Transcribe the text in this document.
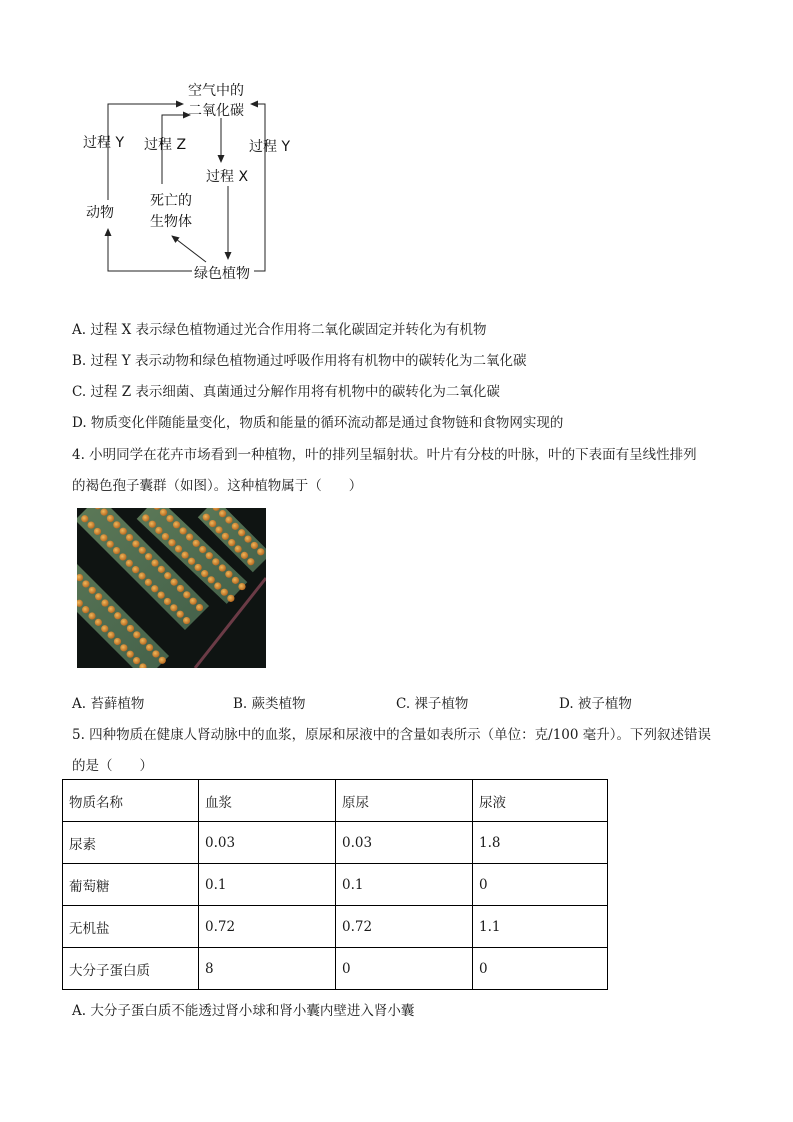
空气中的
二氧化碳
过程 Y 过程 Z	过程 Y
过程 X
死亡的
生物体
动物
绿色植物
A. 过程 X 表示绿色植物通过光合作用将二氧化碳固定并转化为有机物
B. 过程 Y 表示动物和绿色植物通过呼吸作用将有机物中的碳转化为二氧化碳
C. 过程 Z 表示细菌、真菌通过分解作用将有机物中的碳转化为二氧化碳
D. 物质变化伴随能量变化，物质和能量的循环流动都是通过食物链和食物网实现的
4. 小明同学在花卉市场看到一种植物，叶的排列呈辐射状。叶片有分枝的叶脉，叶的下表面有呈线性排列
的褐色孢子囊群（如图）。这种植物属于（　　）
A. 苔藓植物	B. 蕨类植物	C. 裸子植物	D. 被子植物
5. 四种物质在健康人肾动脉中的血浆，原尿和尿液中的含量如表所示（单位：克/100 毫升）。下列叙述错误
的是（　　）
物质名称	血浆	原尿	尿液
尿素	0.03	0.03	1.8
葡萄糖	0.1	0.1	0
无机盐	0.72	0.72	1.1
大分子蛋白质	8	0	0
A. 大分子蛋白质不能透过肾小球和肾小囊内壁进入肾小囊
